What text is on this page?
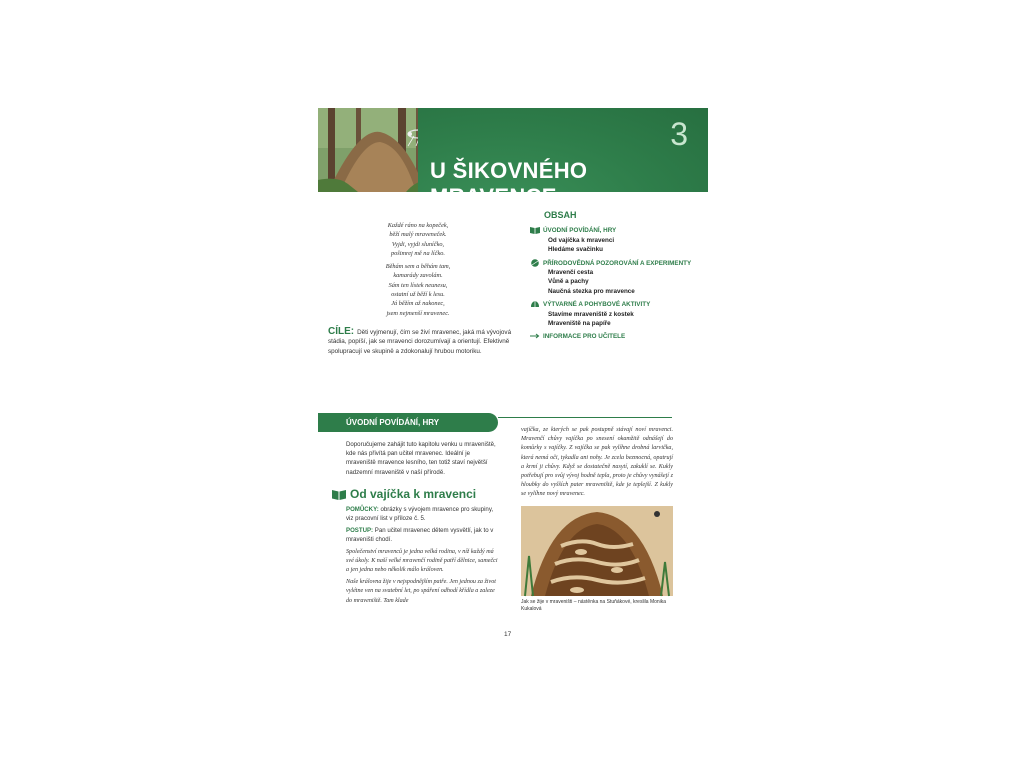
3
U ŠIKOVNÉHO MRAVENCE
Každé ráno na kopeček,
běží malý mraveneček.
Vyjdi, vyjdi sluníčko,
pošimrej mě na líčko.
Běhám sem a běhám tam,
kamarády zavolám.
Sám ten lístek neunesu,
ostatní už běží k lesu.
Já běžím až nakonec,
jsem nejmenší mravenec.
CÍLE: Děti vyjmenují, čím se živí mravenec, jaká má vývojová stádia, popíší, jak se mravenci dorozumívají a orientují. Efektivně spolupracují ve skupině a zdokonalují hrubou motoriku.
OBSAH
ÚVODNÍ POVÍDÁNÍ, HRY
Od vajíčka k mravenci
Hledáme svačinku
PŘÍRODOVĚDNÁ POZOROVÁNÍ A EXPERIMENTY
Mravenčí cesta
Vůně a pachy
Naučná stezka pro mravence
VÝTVARNÉ A POHYBOVÉ AKTIVITY
Stavíme mraveniště z kostek
Mraveniště na papíře
INFORMACE PRO UČITELE
ÚVODNÍ POVÍDÁNÍ, HRY

Doporučujeme zahájit tuto kapitolu venku u mraveniště, kde nás přivítá pan učitel mravenec. Ideální je mraveniště mravence lesního, ten totiž staví největší nadzemní mraveniště v naší přírodě.

Od vajíčka k mravenci

POMŮCKY: obrázky s vývojem mravence pro skupiny, viz pracovní list v příloze č. 5.

POSTUP: Pan učitel mravenec dětem vysvětlí, jak to v mraveništi chodí.

Společenství mravenců je jedna velká rodina, v níž každý má své úkoly. K naší velké mravenčí rodině patří dělnice, samečci a jen jedna nebo několik málo královen.

Naše královna žije v nejspodnějším patře. Jen jednou za život vylétne ven na svatební let, po spáření odhodí křídla a zaleze do mraveniště. Tam klade

vajíčka, ze kterých se pak postupně stávají noví mravenci. Mravenčí chůvy vajíčka po snesení okamžitě odnášejí do komůrky s vajíčky. Z vajíčka se pak vylíhne drobná larvička, která nemá oči, tykadla ani nohy. Je zcela bezmocná, opatrují a krmí ji chůvy. Když se dostatečně nasytí, zakuklí se. Kukly potřebují pro svůj vývoj hodně tepla, proto je chůvy vynášejí z hloubky do vyšších pater mraveniště, kde je teplejší. Z kukly se vylíhne nový mravenec.

Jak se žije v mraveništi – nástěnka na Stuňákové, kreslila Monika Kukalová
17
